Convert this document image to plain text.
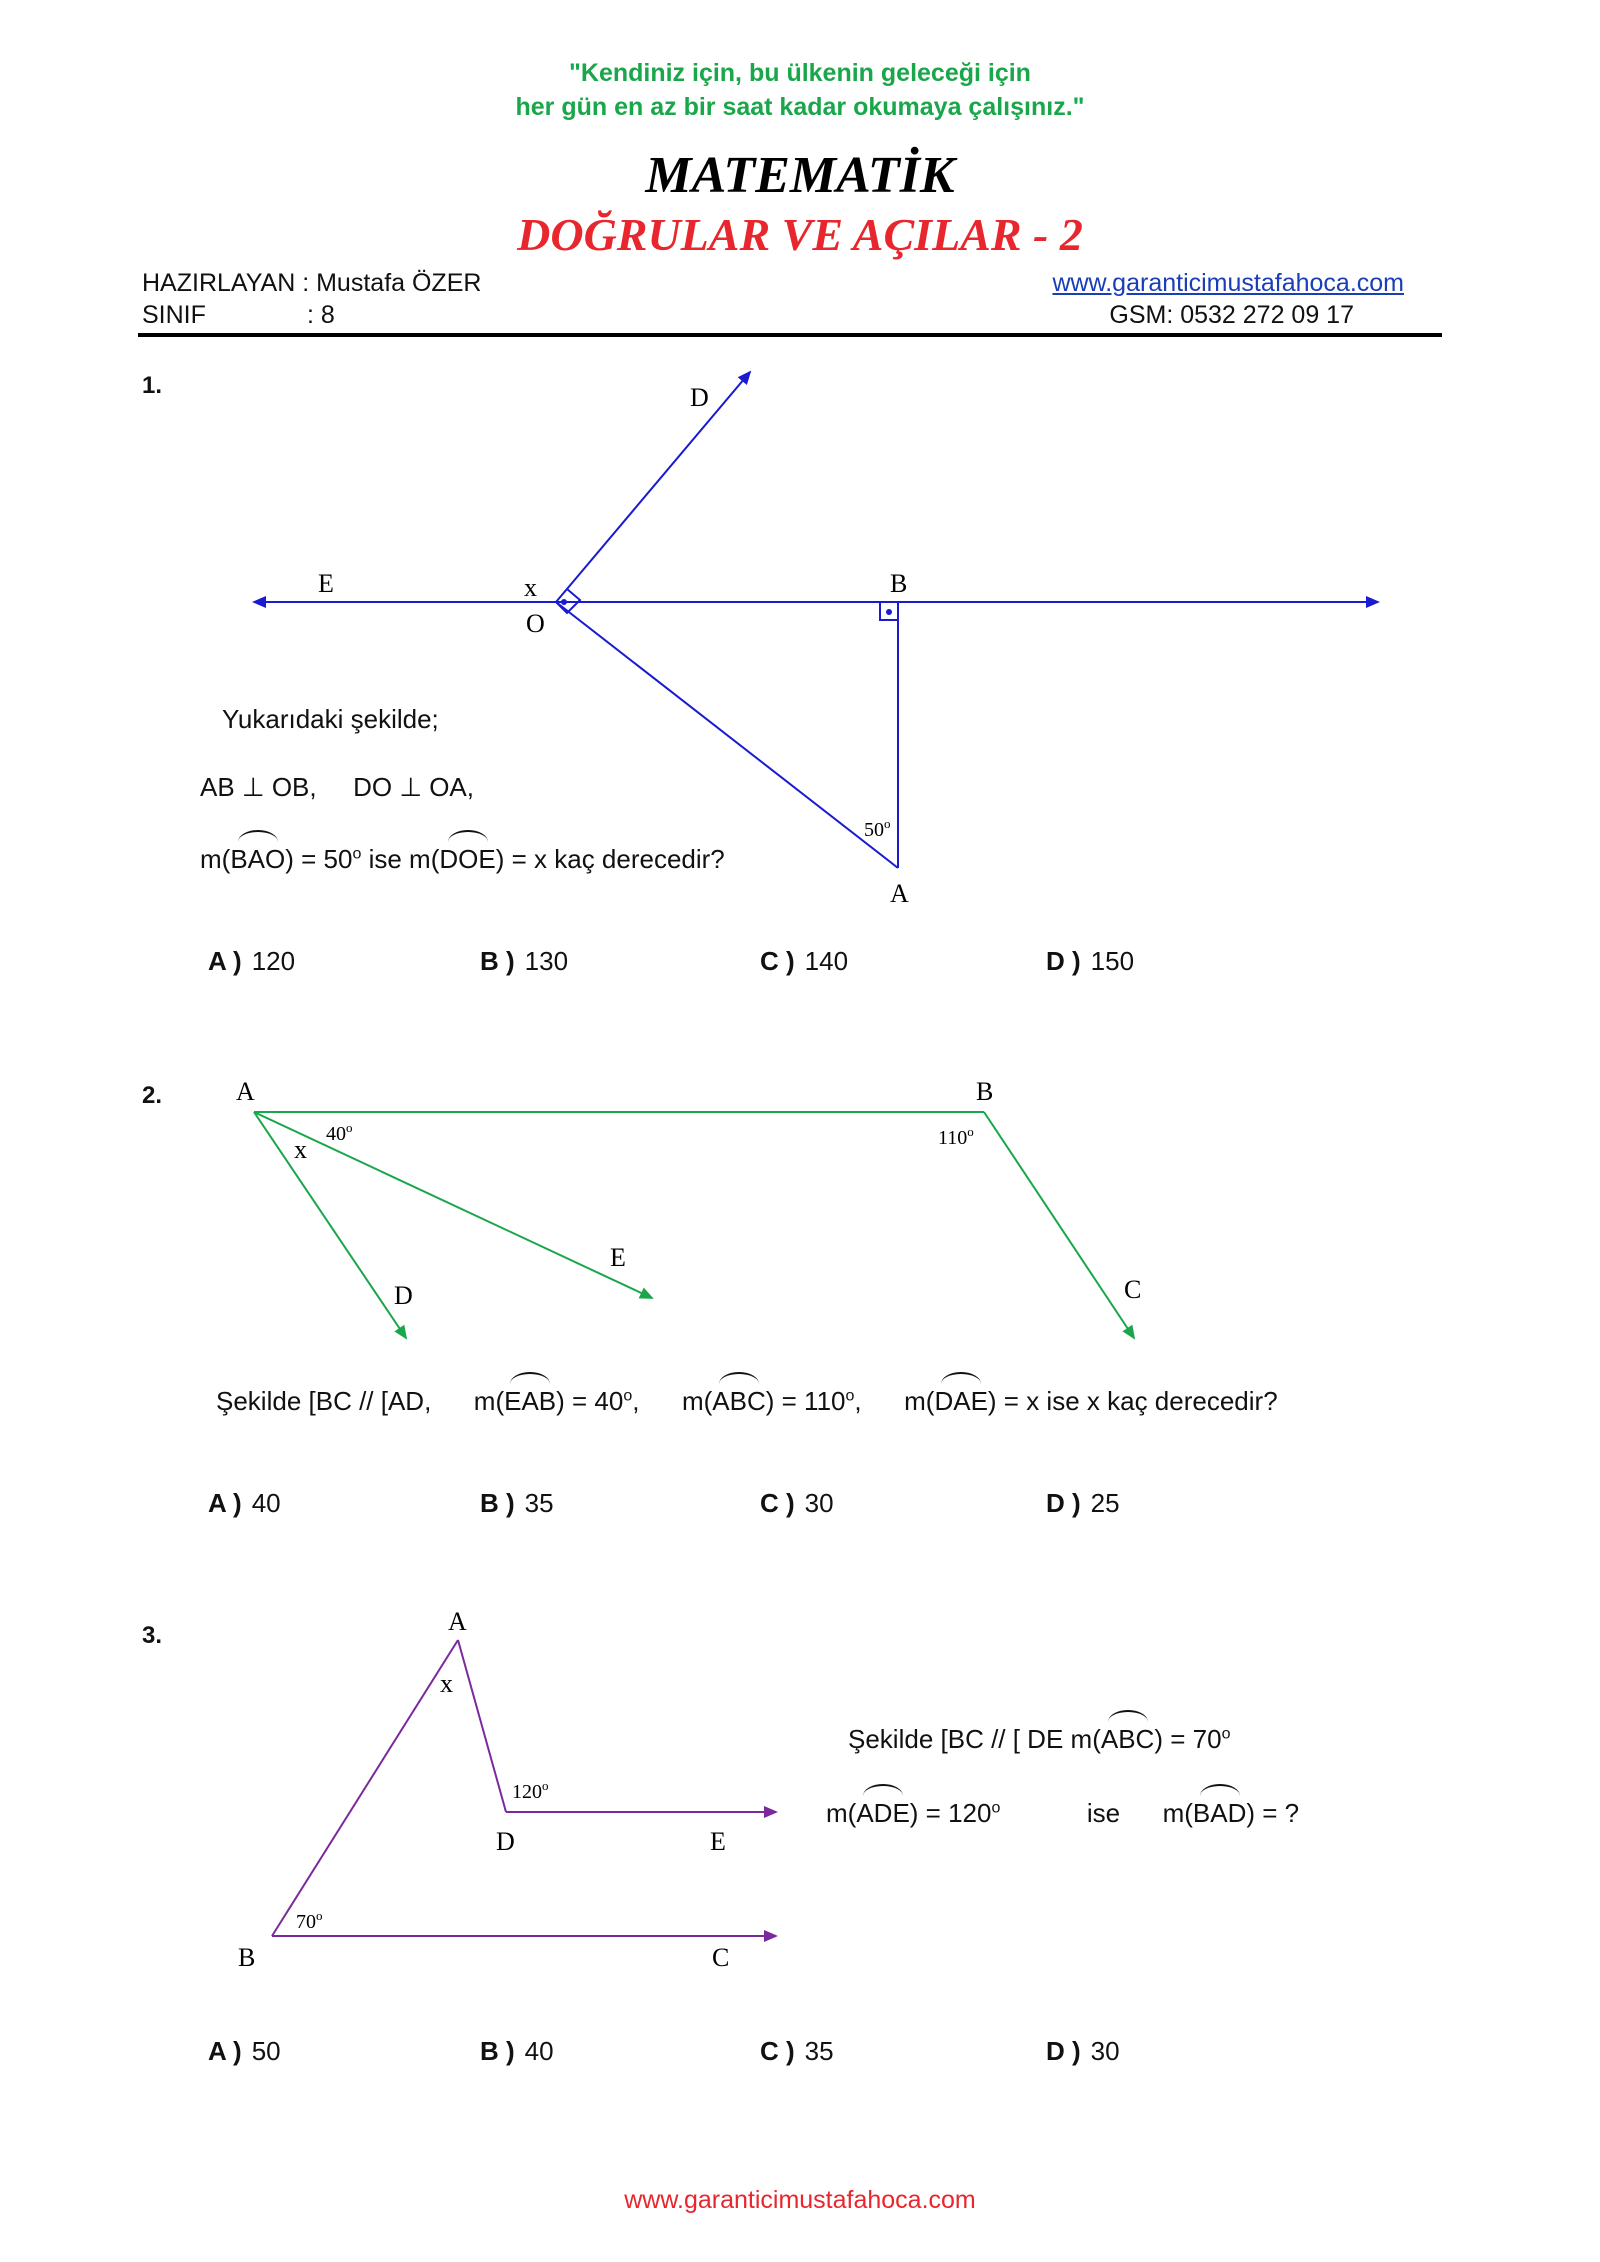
"Kendiniz için, bu ülkenin geleceği için
her gün en az bir saat kadar okumaya çalışınız."
MATEMATİK
DOĞRULAR VE AÇILAR - 2
HAZIRLAYAN : Mustafa ÖZER
SINIF	: 8
www.garanticimustafahoca.com
GSM: 0532 272 09 17
1.	D
E	x
O
B
A
50$^o$
Yukarıdaki şekilde;
AB ⊥ OB, DO ⊥ OA,
$m(BAO) = 50^o$ ise m(DOE) = x kaç derecedir?
A ) 120	B ) 130	C ) 140	D ) 150
2.	A	B
C
D
E
x
40$^o$	110$^o$
Şekilde [BC // [AD, $m(EAB) = 40^o$, $m(ABC) = 110^o$, m(DAE) = x ise x kaç derecedir?
A ) 40	B ) 35	C ) 30	D ) 25
3.	A
x
D	E
B	C
120$^o$
70$^o$
Şekilde [BC // [ DE $m(ABC) = 70^o$
$m(ADE) = 120^o$	ise m(BAD) = ?
A ) 50	B ) 40	C ) 35	D ) 30
www.garanticimustafahoca.com
